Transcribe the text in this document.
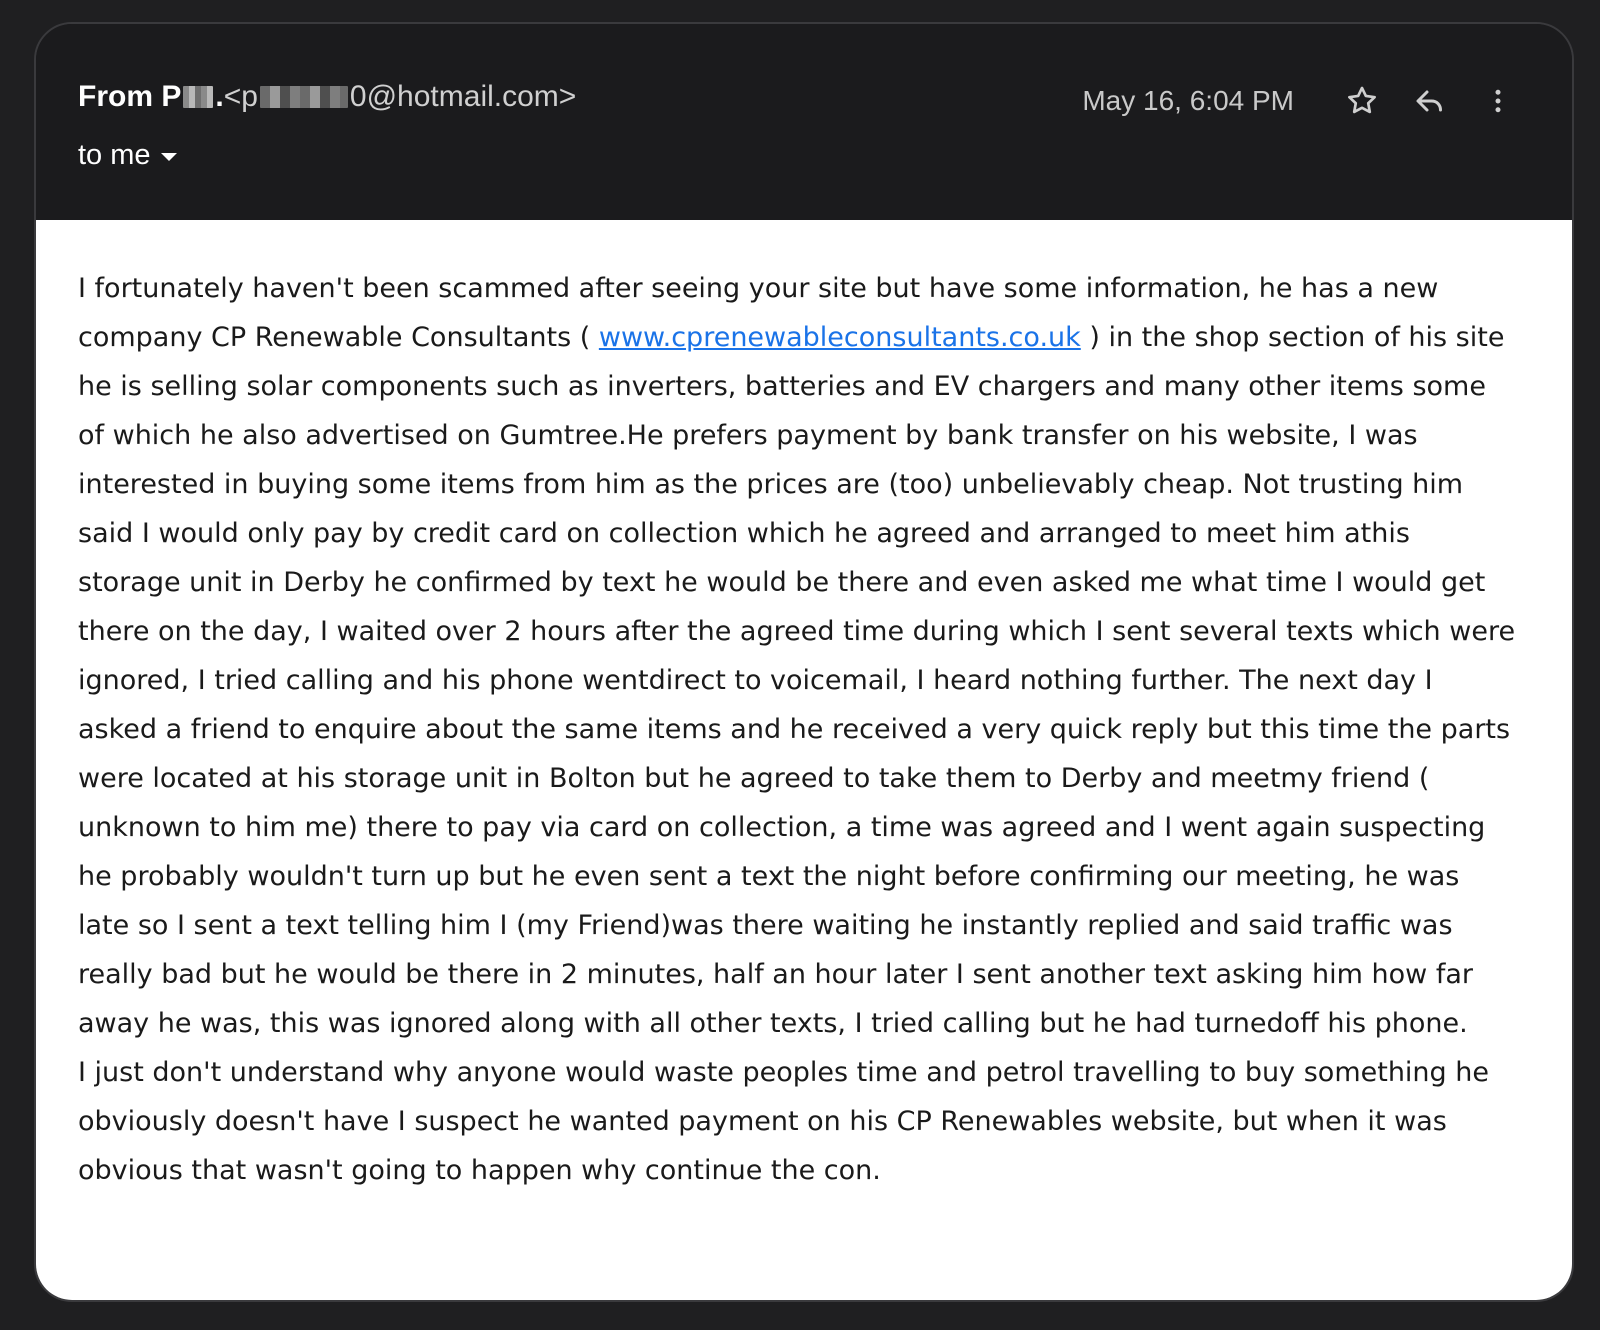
From P . <p	0@hotmail.com>
to me
May 16, 6:04 PM

I fortunately haven't been scammed after seeing your site but have some information, he has a new company CP Renewable Consultants ( www.cprenewableconsultants.co.uk ) in the shop section of his site he is selling solar components such as inverters, batteries and EV chargers and many other items some of which he also advertised on Gumtree.He prefers payment by bank transfer on his website, I was interested in buying some items from him as the prices are (too) unbelievably cheap. Not trusting him said I would only pay by credit card on collection which he agreed and arranged to meet him athis storage unit in Derby he confirmed by text he would be there and even asked me what time I would get there on the day, I waited over 2 hours after the agreed time during which I sent several texts which were ignored, I tried calling and his phone wentdirect to voicemail, I heard nothing further. The next day I asked a friend to enquire about the same items and he received a very quick reply but this time the parts were located at his storage unit in Bolton but he agreed to take them to Derby and meetmy friend ( unknown to him me) there to pay via card on collection, a time was agreed and I went again suspecting he probably wouldn't turn up but he even sent a text the night before confirming our meeting, he was late so I sent a text telling him I (my Friend)was there waiting he instantly replied and said traffic was really bad but he would be there in 2 minutes, half an hour later I sent another text asking him how far away he was, this was ignored along with all other texts, I tried calling but he had turnedoff his phone.

I just don't understand why anyone would waste peoples time and petrol travelling to buy something he obviously doesn't have I suspect he wanted payment on his CP Renewables website, but when it was obvious that wasn't going to happen why continue the con.
